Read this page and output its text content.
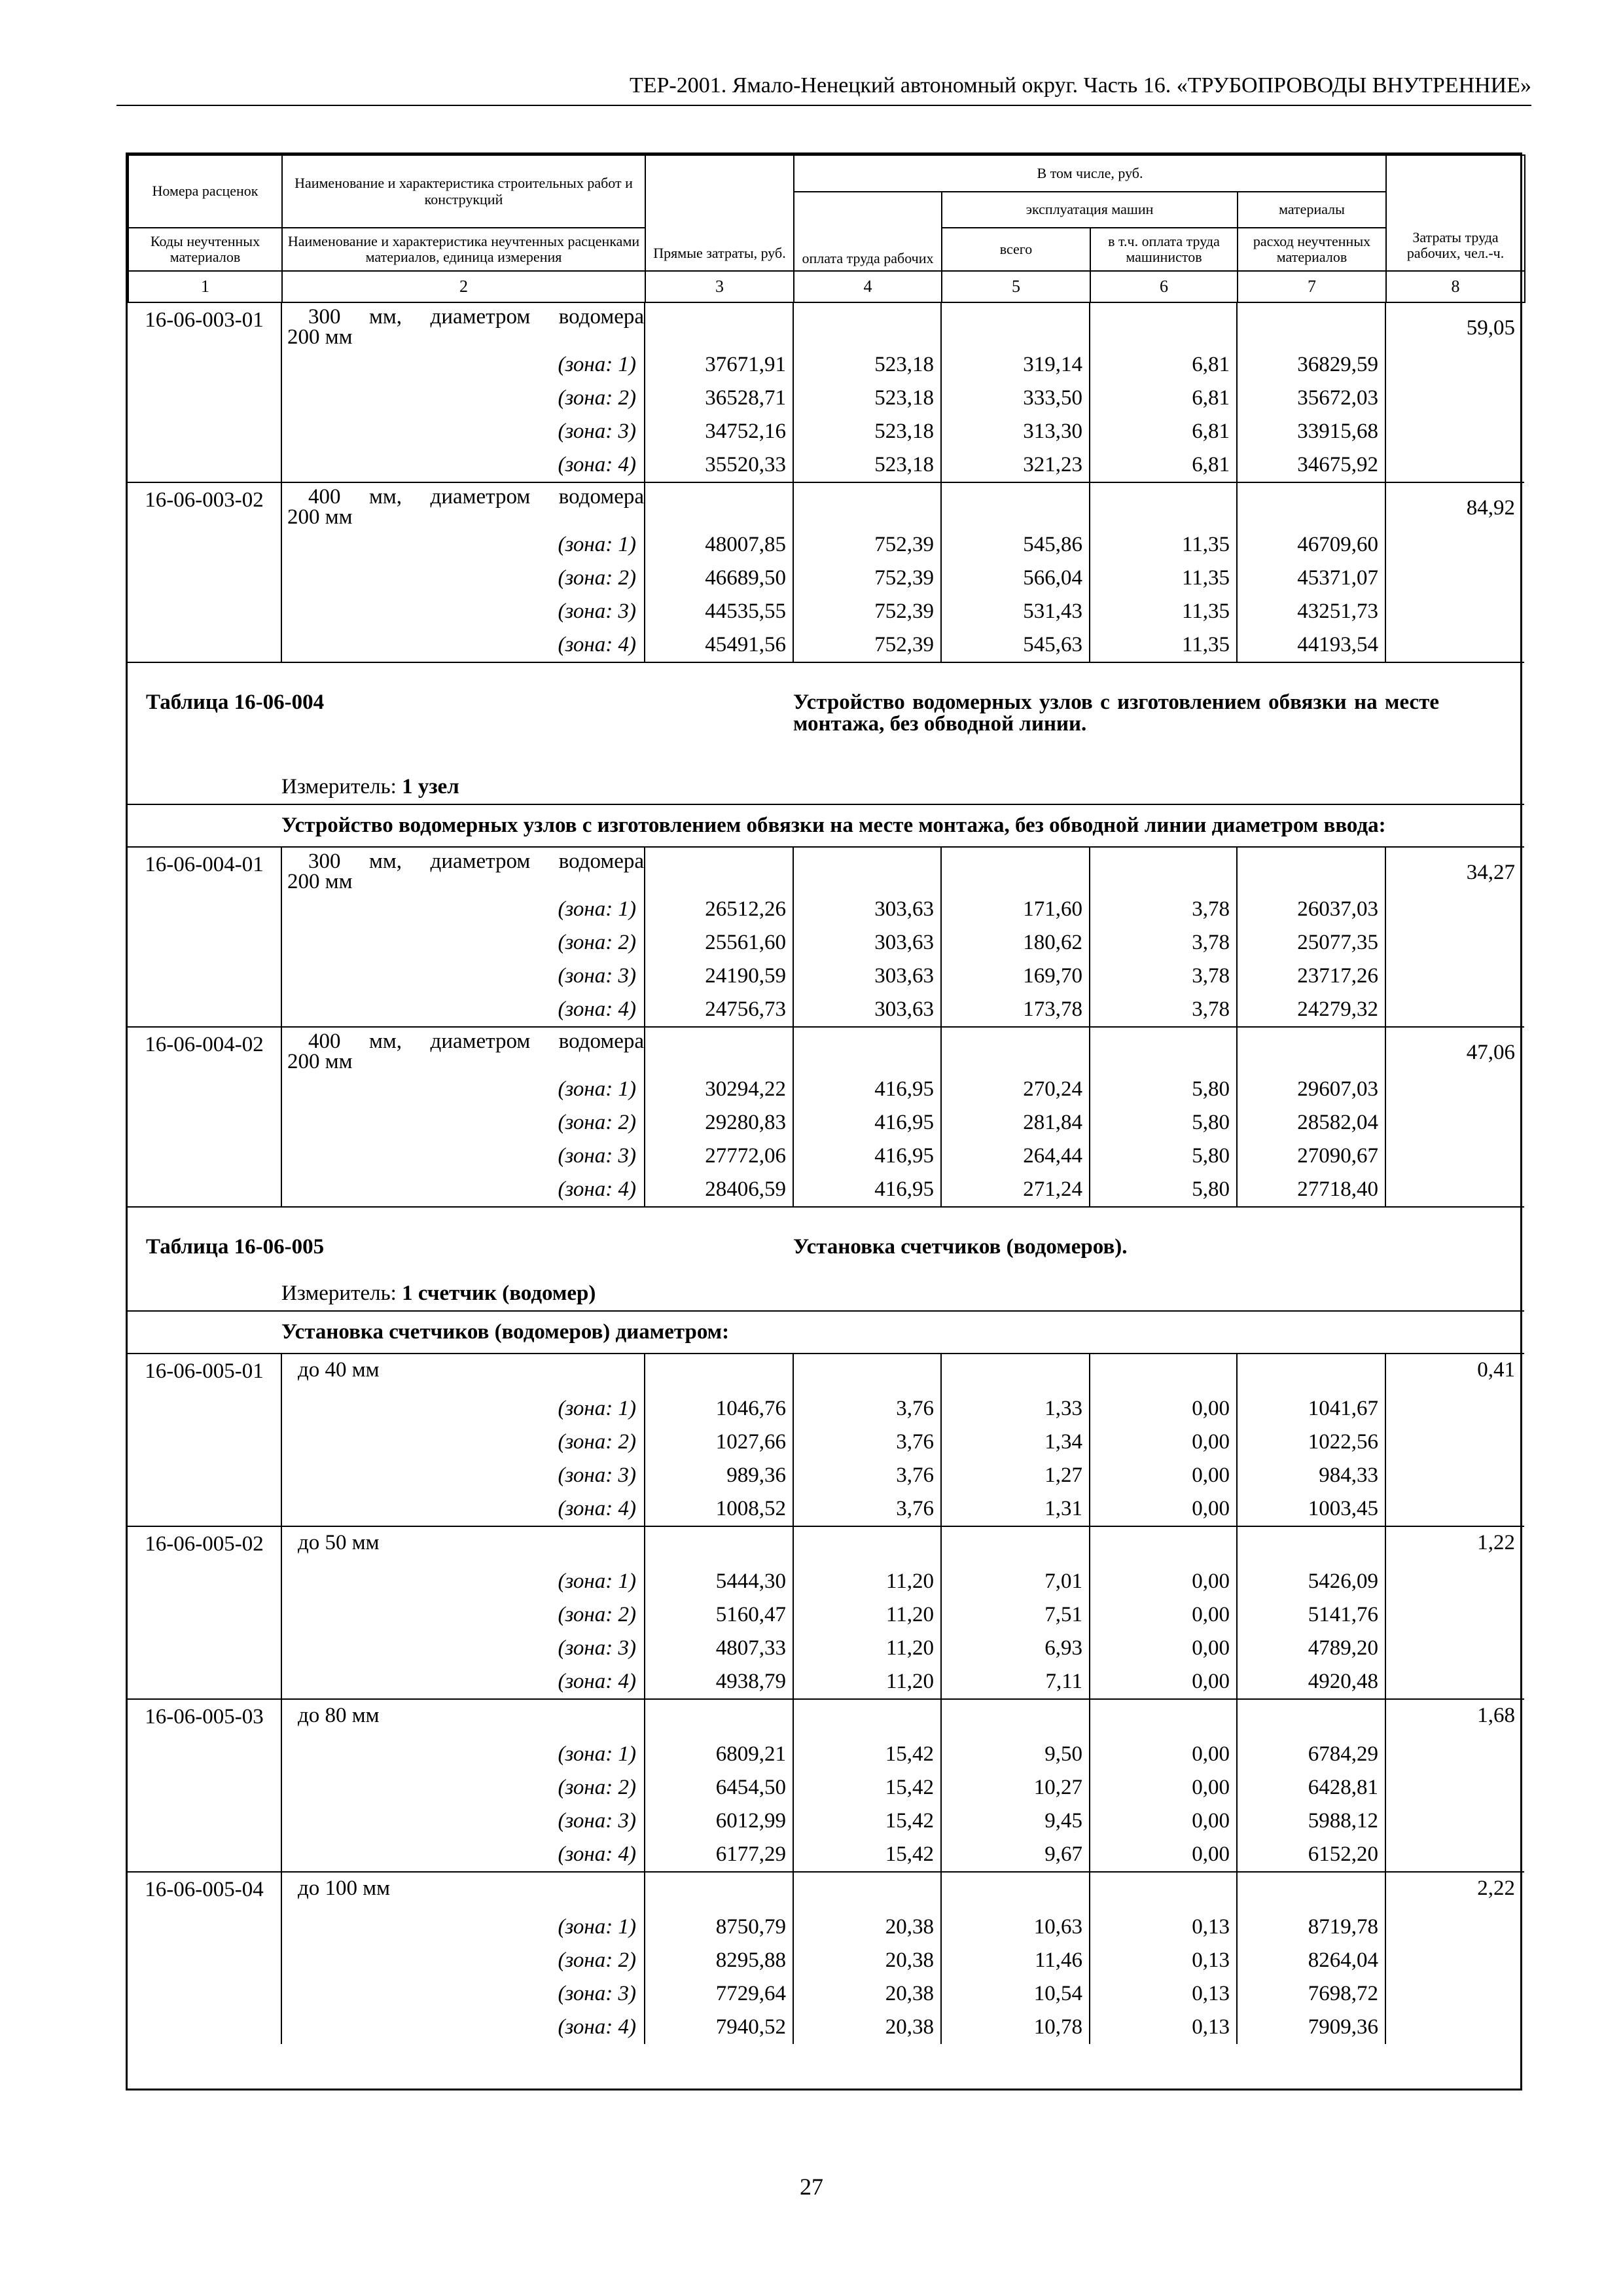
ТЕР-2001. Ямало-Ненецкий автономный округ. Часть 16. «ТРУБОПРОВОДЫ ВНУТРЕННИЕ»
Номера расценок	Наименование и характеристика строительных работ и конструкций	Прямые затраты, руб.	В том числе, руб.				Затраты труда рабочих, чел.-ч.
			оплата труда рабочих	эксплуатация машин		материалы	
Коды неучтенных материалов	Наименование и характеристика неучтенных расценками материалов, единица измерения			всего	в т.ч. оплата труда машинистов	расход неучтенных материалов	
1	2	3	4	5	6	7	8
16-06-003-01	300 мм, диаметром водомера
200 мм						59,05
	(зона: 1)	37671,91	523,18	319,14	6,81	36829,59	
	(зона: 2)	36528,71	523,18	333,50	6,81	35672,03	
	(зона: 3)	34752,16	523,18	313,30	6,81	33915,68	
	(зона: 4)	35520,33	523,18	321,23	6,81	34675,92	
16-06-003-02	400 мм, диаметром водомера
200 мм						84,92
	(зона: 1)	48007,85	752,39	545,86	11,35	46709,60	
	(зона: 2)	46689,50	752,39	566,04	11,35	45371,07	
	(зона: 3)	44535,55	752,39	531,43	11,35	43251,73	
	(зона: 4)	45491,56	752,39	545,63	11,35	44193,54	
Таблица 16-06-004			Устройство водомерных узлов с изготовлением обвязки на месте монтажа, без обводной линии.				
	Измеритель: 1 узел						
	Устройство водомерных узлов с изготовлением обвязки на месте монтажа, без обводной линии диаметром ввода:						
16-06-004-01	300 мм, диаметром водомера
200 мм						34,27
	(зона: 1)	26512,26	303,63	171,60	3,78	26037,03	
	(зона: 2)	25561,60	303,63	180,62	3,78	25077,35	
	(зона: 3)	24190,59	303,63	169,70	3,78	23717,26	
	(зона: 4)	24756,73	303,63	173,78	3,78	24279,32	
16-06-004-02	400 мм, диаметром водомера
200 мм						47,06
	(зона: 1)	30294,22	416,95	270,24	5,80	29607,03	
	(зона: 2)	29280,83	416,95	281,84	5,80	28582,04	
	(зона: 3)	27772,06	416,95	264,44	5,80	27090,67	
	(зона: 4)	28406,59	416,95	271,24	5,80	27718,40	
Таблица 16-06-005			Установка счетчиков (водомеров).				
	Измеритель: 1 счетчик (водомер)						
	Установка счетчиков (водомеров) диаметром:						
16-06-005-01	до 40 мм						0,41
	(зона: 1)	1046,76	3,76	1,33	0,00	1041,67	
	(зона: 2)	1027,66	3,76	1,34	0,00	1022,56	
	(зона: 3)	989,36	3,76	1,27	0,00	984,33	
	(зона: 4)	1008,52	3,76	1,31	0,00	1003,45	
16-06-005-02	до 50 мм						1,22
	(зона: 1)	5444,30	11,20	7,01	0,00	5426,09	
	(зона: 2)	5160,47	11,20	7,51	0,00	5141,76	
	(зона: 3)	4807,33	11,20	6,93	0,00	4789,20	
	(зона: 4)	4938,79	11,20	7,11	0,00	4920,48	
16-06-005-03	до 80 мм						1,68
	(зона: 1)	6809,21	15,42	9,50	0,00	6784,29	
	(зона: 2)	6454,50	15,42	10,27	0,00	6428,81	
	(зона: 3)	6012,99	15,42	9,45	0,00	5988,12	
	(зона: 4)	6177,29	15,42	9,67	0,00	6152,20	
16-06-005-04	до 100 мм						2,22
	(зона: 1)	8750,79	20,38	10,63	0,13	8719,78	
	(зона: 2)	8295,88	20,38	11,46	0,13	8264,04	
	(зона: 3)	7729,64	20,38	10,54	0,13	7698,72	
	(зона: 4)	7940,52	20,38	10,78	0,13	7909,36	
27
